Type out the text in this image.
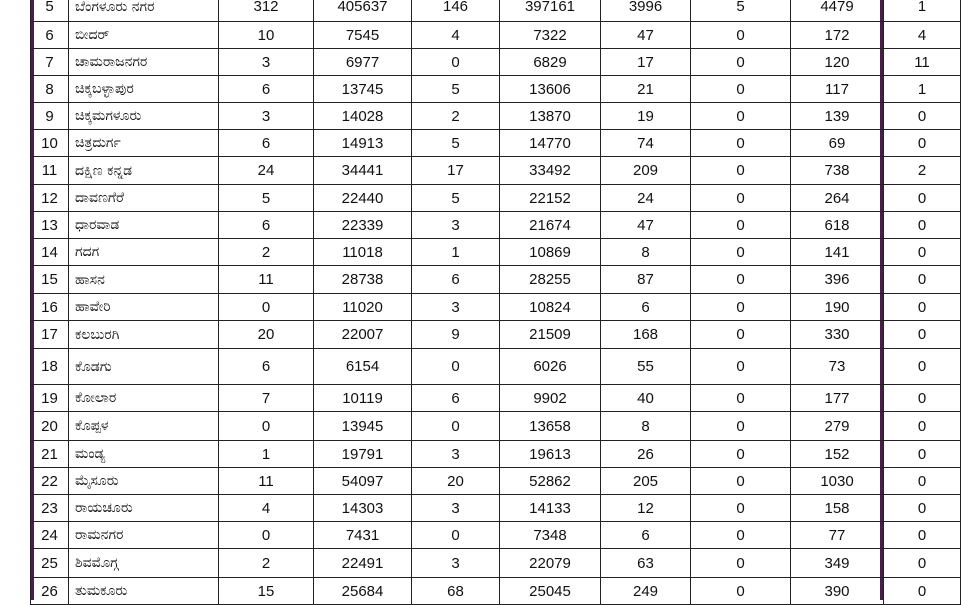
5	ಬೆಂಗಳೂರು ನಗರ	312	405637	146	397161	3996	5	4479	1
6	ಬೀದರ್	10	7545	4	7322	47	0	172	4
7	ಚಾಮರಾಜನಗರ	3	6977	0	6829	17	0	120	11
8	ಚಿಕ್ಕಬಳ್ಳಾಪುರ	6	13745	5	13606	21	0	117	1
9	ಚಿಕ್ಕಮಗಳೂರು	3	14028	2	13870	19	0	139	0
10	ಚಿತ್ರದುರ್ಗ	6	14913	5	14770	74	0	69	0
11	ದಕ್ಷಿಣ ಕನ್ನಡ	24	34441	17	33492	209	0	738	2
12	ದಾವಣಗೆರೆ	5	22440	5	22152	24	0	264	0
13	ಧಾರವಾಡ	6	22339	3	21674	47	0	618	0
14	ಗದಗ	2	11018	1	10869	8	0	141	0
15	ಹಾಸನ	11	28738	6	28255	87	0	396	0
16	ಹಾವೇರಿ	0	11020	3	10824	6	0	190	0
17	ಕಲಬುರಗಿ	20	22007	9	21509	168	0	330	0
18	ಕೊಡಗು	6	6154	0	6026	55	0	73	0
19	ಕೋಲಾರ	7	10119	6	9902	40	0	177	0
20	ಕೊಪ್ಪಳ	0	13945	0	13658	8	0	279	0
21	ಮಂಡ್ಯ	1	19791	3	19613	26	0	152	0
22	ಮೈಸೂರು	11	54097	20	52862	205	0	1030	0
23	ರಾಯಚೂರು	4	14303	3	14133	12	0	158	0
24	ರಾಮನಗರ	0	7431	0	7348	6	0	77	0
25	ಶಿವಮೊಗ್ಗ	2	22491	3	22079	63	0	349	0
26	ತುಮಕೂರು	15	25684	68	25045	249	0	390	0
